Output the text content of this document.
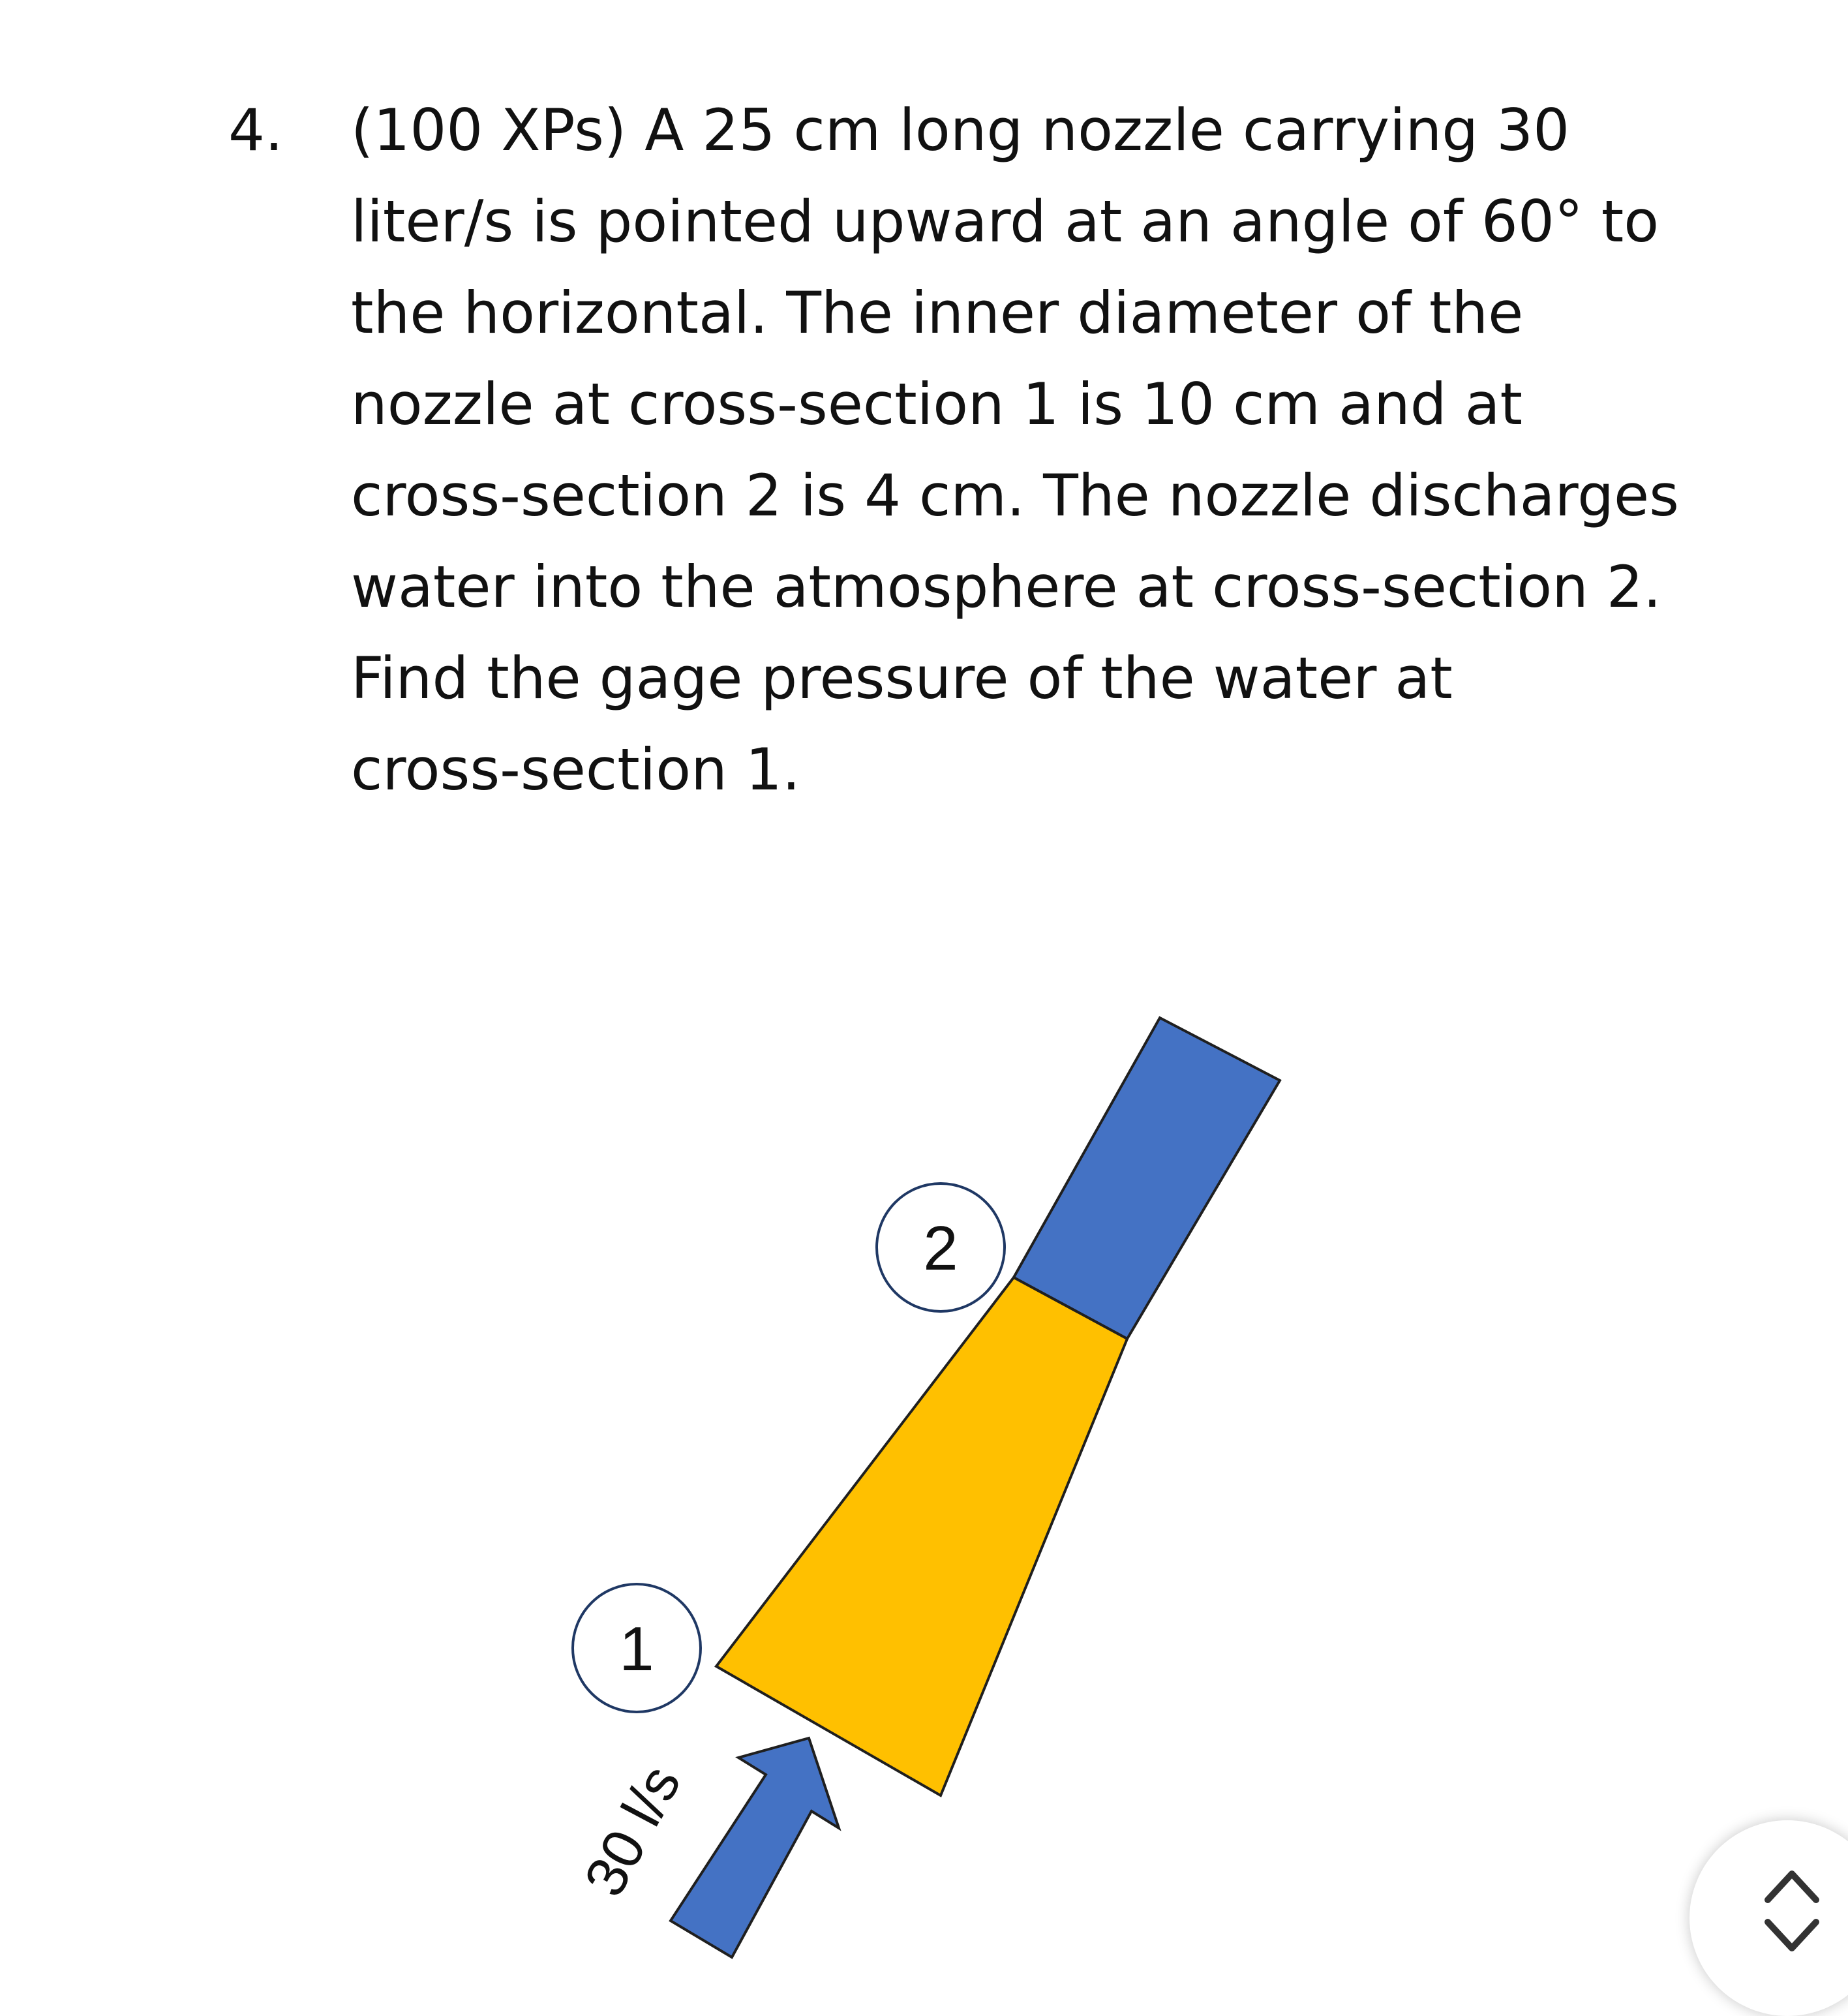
4. (100 XPs) A 25 cm long nozzle carrying 30
liter/s is pointed upward at an angle of 60° to
the horizontal. The inner diameter of the
nozzle at cross-section 1 is 10 cm and at
cross-section 2 is 4 cm. The nozzle discharges
water into the atmosphere at cross-section 2.
Find the gage pressure of the water at
cross-section 1.
1
2
30 l/s
